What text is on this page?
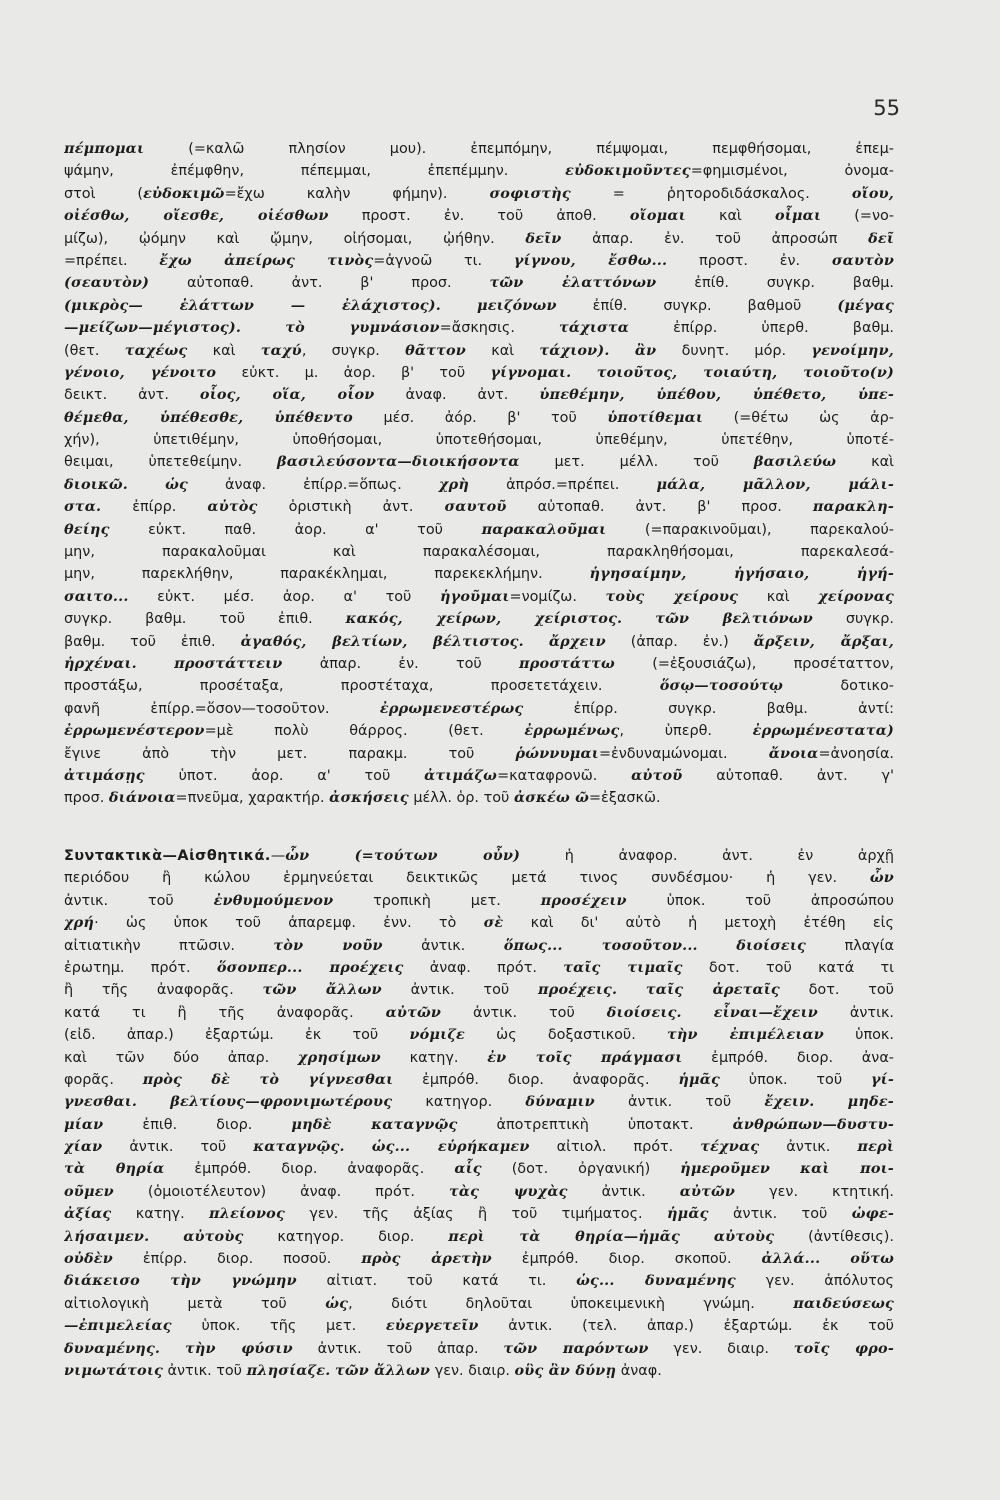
55
πέμπομαι (=καλῶ πλησίον μου). ἐπεμπόμην, πέμψομαι, πεμφθήσομαι, ἐπεμ-
ψάμην, ἐπέμφθην, πέπεμμαι, ἐπεπέμμην. εὐδοκιμοῦντες=φημισμένοι, ὀνομα-
στοὶ (εὐδοκιμῶ=ἔχω καλὴν φήμην). σοφιστὴς = ῥητοροδιδάσκαλος. οἴου,
οἰέσθω, οἴεσθε, οἰέσθων προστ. ἐν. τοῦ ἀποθ. οἴομαι καὶ οἶμαι (=νο-
μίζω), ᾠόμην καὶ ᾤμην, οἰήσομαι, ᾠήθην. δεῖν ἀπαρ. ἐν. τοῦ ἀπροσώπ δεῖ
=πρέπει. ἔχω ἀπείρως τινὸς=ἀγνοῶ τι. γίγνου, ἔσθω... προστ. ἐν. σαυτὸν
(σεαυτὸν) αὐτοπαθ. ἀντ. β' προσ. τῶν ἐλαττόνων ἐπίθ. συγκρ. βαθμ.
(μικρὸς— ἐλάττων — ἐλάχιστος).	μειζόνων ἐπίθ. συγκρ. βαθμοῦ (μέγας
—μείζων—μέγιστος).	τὸ γυμνάσιον=ἄσκησις. τάχιστα ἐπίρρ. ὑπερθ. βαθμ.
(θετ. ταχέως καὶ ταχύ, συγκρ. θᾶττον καὶ τάχιον). ἂν δυνητ. μόρ. γενοίμην,
γένοιο, γένοιτο εὐκτ. μ. ἀορ. β' τοῦ γίγνομαι. τοιοῦτος, τοιαύτη, τοιοῦτο(ν)
δεικτ. ἀντ. οἷος, οἵα, οἷον ἀναφ. ἀντ. ὑπεθέμην, ὑπέθου, ὑπέθετο, ὑπε-
θέμεθα, ὑπέθεσθε, ὑπέθεντο μέσ. ἀόρ. β' τοῦ ὑποτίθεμαι (=θέτω ὡς ἀρ-
χήν), ὑπετιθέμην, ὑποθήσομαι, ὑποτεθήσομαι, ὑπεθέμην, ὑπετέθην, ὑποτέ-
θειμαι, ὑπετεθείμην. βασιλεύσοντα—διοικήσοντα μετ. μέλλ. τοῦ βασιλεύω καὶ
διοικῶ.	ὡς ἀναφ. ἐπίρρ.=ὅπως. χρὴ ἀπρόσ.=πρέπει. μάλα, μᾶλλον, μάλι-
στα. ἐπίρρ. αὐτὸς ὁριστικὴ ἀντ. σαυτοῦ αὐτοπαθ. ἀντ. β' προσ. παρακλη-
θείης εὐκτ. παθ. ἀορ. α' τοῦ παρακαλοῦμαι (=παρακινοῦμαι), παρεκαλού-
μην, παρακαλοῦμαι καὶ παρακαλέσομαι, παρακληθήσομαι, παρεκαλεσά-
μην, παρεκλήθην, παρακέκλημαι, παρεκεκλήμην. ἡγησαίμην, ἡγήσαιο, ἡγή-
σαιτο... εὐκτ. μέσ. ἀορ. α' τοῦ ἡγοῦμαι=νομίζω. τοὺς χείρους καὶ χείρονας
συγκρ. βαθμ. τοῦ ἐπιθ. κακός, χείρων, χείριστος. τῶν βελτιόνων συγκρ.
βαθμ. τοῦ ἐπιθ. ἀγαθός, βελτίων, βέλτιστος. ἄρχειν (ἀπαρ. ἐν.) ἄρξειν, ἄρξαι,
ἠρχέναι.	προστάττειν ἀπαρ. ἐν. τοῦ προστάττω (=ἐξουσιάζω), προσέταττον,
προστάξω, προσέταξα, προστέταχα, προσετετάχειν. ὅσῳ—τοσούτῳ δοτικο-
φανῆ ἐπίρρ.=ὅσον—τοσοῦτον. ἐρρωμενεστέρως ἐπίρρ. συγκρ. βαθμ. ἀντί:
ἐρρωμενέστερον=μὲ πολὺ θάρρος. (θετ. ἐρρωμένως, ὑπερθ. ἐρρωμένεστατα)
ἔγινε ἀπὸ τὴν μετ. παρακμ. τοῦ ῥώννυμαι=ἐνδυναμώνομαι. ἄνοια=ἀνοησία.
ἀτιμάσῃς ὑποτ. ἀορ. α' τοῦ ἀτιμάζω=καταφρονῶ. αὐτοῦ αὐτοπαθ. ἀντ. γ'
προσ. διάνοια=πνεῦμα, χαρακτήρ. ἀσκήσεις μέλλ. ὁρ. τοῦ ἀσκέω ῶ=ἐξασκῶ.
Συντακτικὰ—Αἰσθητικά.—ὧν (=τούτων οὖν) ἡ ἀναφορ. ἀντ. ἐν ἀρχῇ
περιόδου ἢ κώλου ἑρμηνεύεται δεικτικῶς μετά τινος συνδέσμου· ἡ γεν. ὧν
ἀντικ. τοῦ ἐνθυμούμενον τροπικὴ μετ. προσέχειν ὑποκ. τοῦ ἀπροσώπου
χρή· ὡς ὑποκ τοῦ ἀπαρεμφ. ἐνν. τὸ σὲ καὶ δι' αὐτὸ ἡ μετοχὴ ἐτέθη εἰς
αἰτιατικὴν πτῶσιν. τὸν νοῦν ἀντικ. ὅπως... τοσοῦτον...	διοίσεις πλαγία
ἐρωτημ. πρότ. ὅσονπερ... προέχεις ἀναφ. πρότ. ταῖς τιμαῖς δοτ. τοῦ κατά τι
ἢ τῆς ἀναφορᾶς. τῶν ἄλλων ἀντικ. τοῦ προέχεις. ταῖς ἀρεταῖς δοτ. τοῦ
κατά τι ἢ τῆς ἀναφορᾶς. αὐτῶν ἀντικ. τοῦ διοίσεις. εἶναι—ἔχειν ἀντικ.
(εἰδ. ἀπαρ.) ἐξαρτώμ. ἐκ τοῦ νόμιζε ὡς δοξαστικοῦ. τὴν ἐπιμέλειαν ὑποκ.
καὶ τῶν δύο ἀπαρ. χρησίμων κατηγ. ἐν τοῖς πράγμασι ἐμπρόθ. διορ. ἀνα-
φορᾶς. πρὸς δὲ τὸ γίγνεσθαι ἐμπρόθ. διορ. ἀναφορᾶς. ἡμᾶς ὑποκ. τοῦ γί-
γνεσθαι. βελτίους—φρονιμωτέρους κατηγορ. δύναμιν ἀντικ. τοῦ ἔχειν. μηδε-
μίαν ἐπιθ. διορ. μηδὲ καταγνῷς ἀποτρεπτικὴ ὑποτακτ. ἀνθρώπων—δυστυ-
χίαν ἀντικ. τοῦ καταγνῷς. ὡς... εὑρήκαμεν αἰτιολ. πρότ. τέχνας ἀντικ. περὶ
τὰ θηρία ἐμπρόθ. διορ. ἀναφορᾶς. αἷς (δοτ. ὀργανική) ἡμεροῦμεν καὶ ποι-
οῦμεν (ὁμοιοτέλευτον) ἀναφ. πρότ. τὰς ψυχὰς ἀντικ. αὐτῶν γεν. κτητική.
ἀξίας κατηγ. πλείονος γεν. τῆς ἀξίας ἢ τοῦ τιμήματος. ἡμᾶς ἀντικ. τοῦ ὠφε-
λήσαιμεν. αὐτοὺς κατηγορ. διορ. περὶ τὰ θηρία—ἡμᾶς αὐτοὺς (ἀντίθεσις).
οὐδὲν ἐπίρρ. διορ. ποσοῦ. πρὸς ἀρετὴν ἐμπρόθ. διορ. σκοποῦ. ἀλλά... οὕτω
διάκεισο τὴν γνώμην αἰτιατ. τοῦ κατά τι. ὡς... δυναμένης γεν. ἀπόλυτος
αἰτιολογικὴ μετὰ τοῦ ὡς, διότι δηλοῦται ὑποκειμενικὴ γνώμη. παιδεύσεως
—ἐπιμελείας ὑποκ. τῆς μετ. εὐεργετεῖν ἀντικ. (τελ. ἀπαρ.) ἐξαρτώμ. ἐκ τοῦ
δυναμένης. τὴν φύσιν ἀντικ. τοῦ ἀπαρ. τῶν παρόντων γεν. διαιρ. τοῖς φρο-
νιμωτάτοις ἀντικ. τοῦ πλησίαζε. τῶν ἄλλων γεν. διαιρ. οὓς ἂν δύνῃ ἀναφ.
